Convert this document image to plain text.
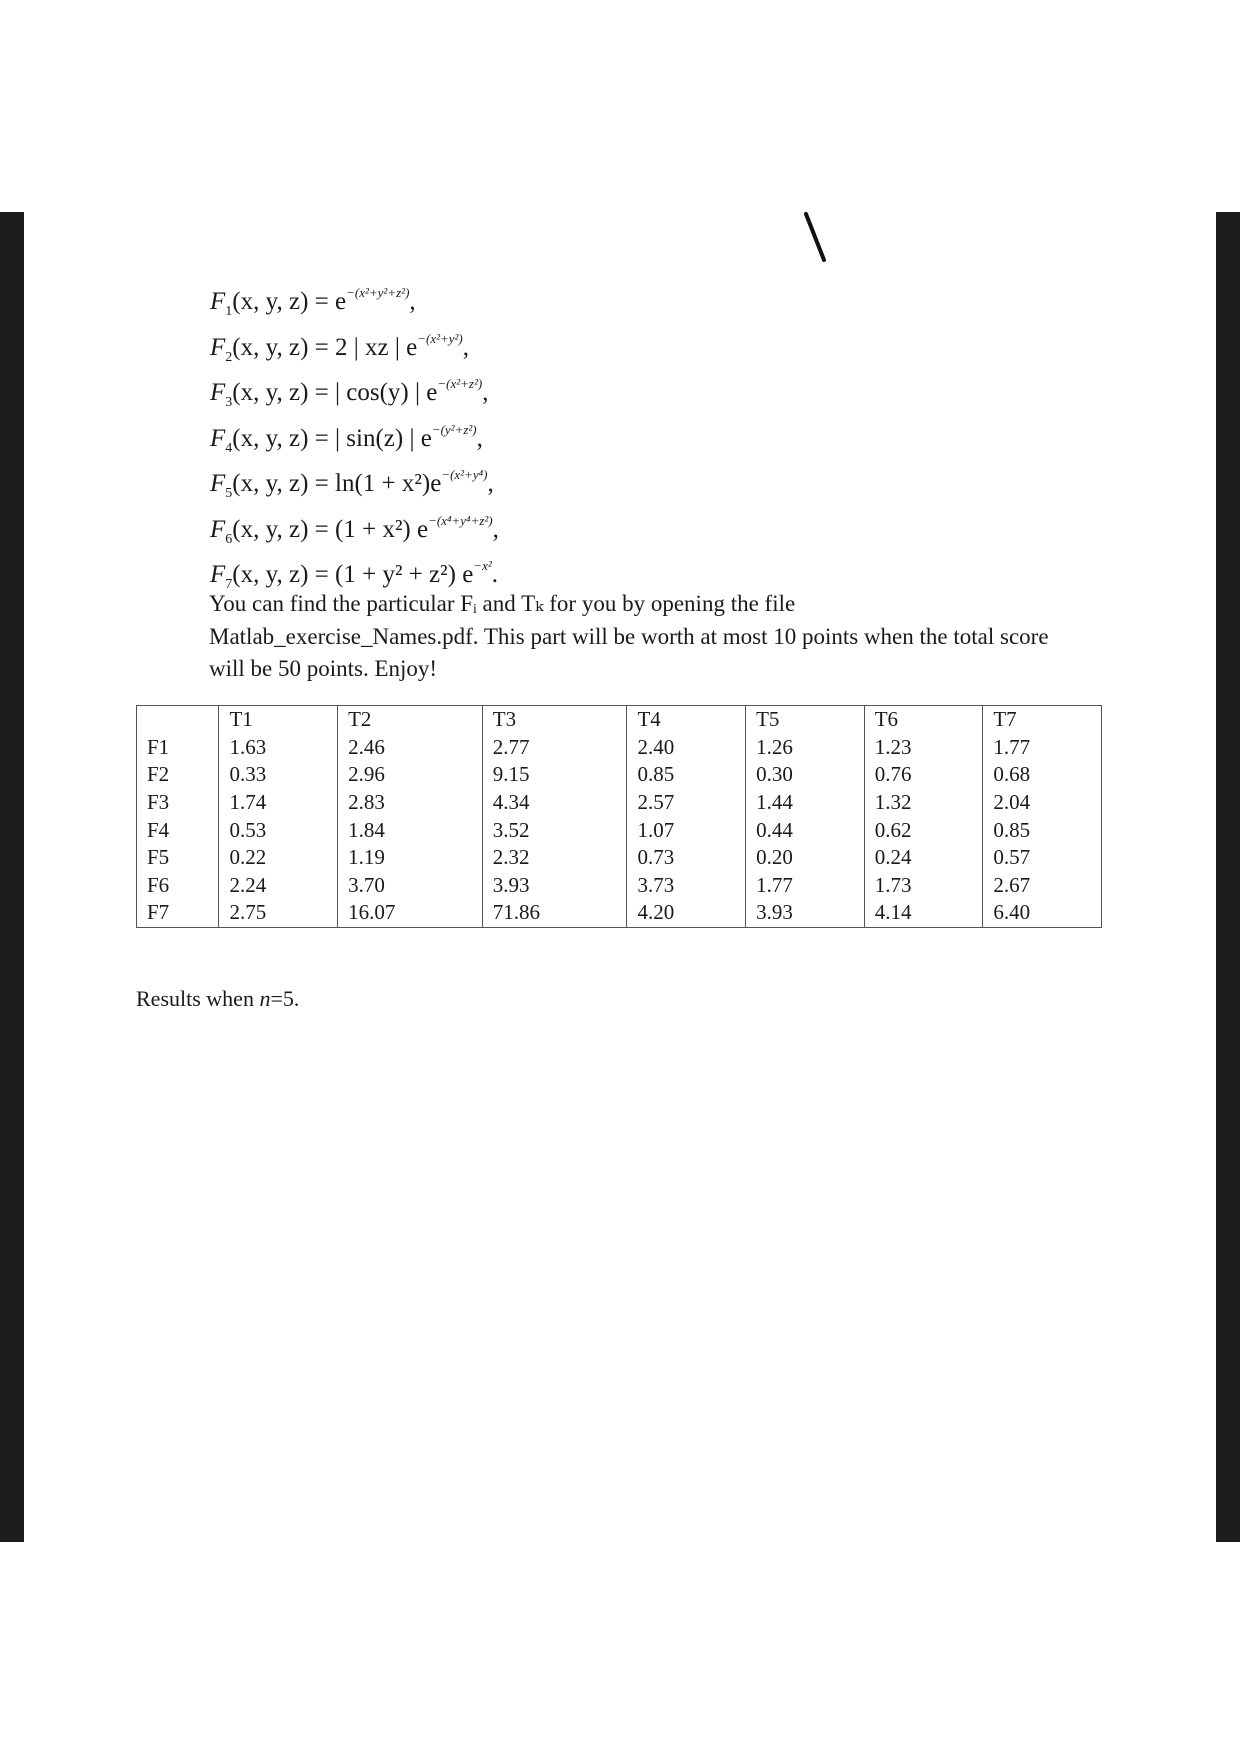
$F_1(x$, y, $z) = e^{-(x^2+y^2+z^2)}$,
$F_2(x$, y, z) = 2 | xz | $e^{-(x^2+y^2)}$,
$F_3(x$, y, z) = | cos(y) | $e^{-(x^2+z^2)}$,
$F_4(x$, y, z) = | sin(z) | $e^{-(y^2+z^2)}$,
$F_5(x$, y, $z) = \ln(1 + x^2)e^{-(x^2+y^4)}$,
$F_6(x$, y, z) = (1 + x²) $e^{-(x^4+y^4+z^2)}$,
$F_7(x$, y, z) = (1 + y² + z²) $e^{-x^2}$.

You can find the particular Fᵢ and Tₖ for you by opening the file

Matlab_exercise_Names.pdf. This part will be worth at most 10 points when the total score

will be 50 points. Enjoy!

	T1	T2	T3	T4	T5	T6	T7
F1	1.63	2.46	2.77	2.40	1.26	1.23	1.77
F2	0.33	2.96	9.15	0.85	0.30	0.76	0.68
F3	1.74	2.83	4.34	2.57	1.44	1.32	2.04
F4	0.53	1.84	3.52	1.07	0.44	0.62	0.85
F5	0.22	1.19	2.32	0.73	0.20	0.24	0.57
F6	2.24	3.70	3.93	3.73	1.77	1.73	2.67
F7	2.75	16.07	71.86	4.20	3.93	4.14	6.40
Results when n=5.
